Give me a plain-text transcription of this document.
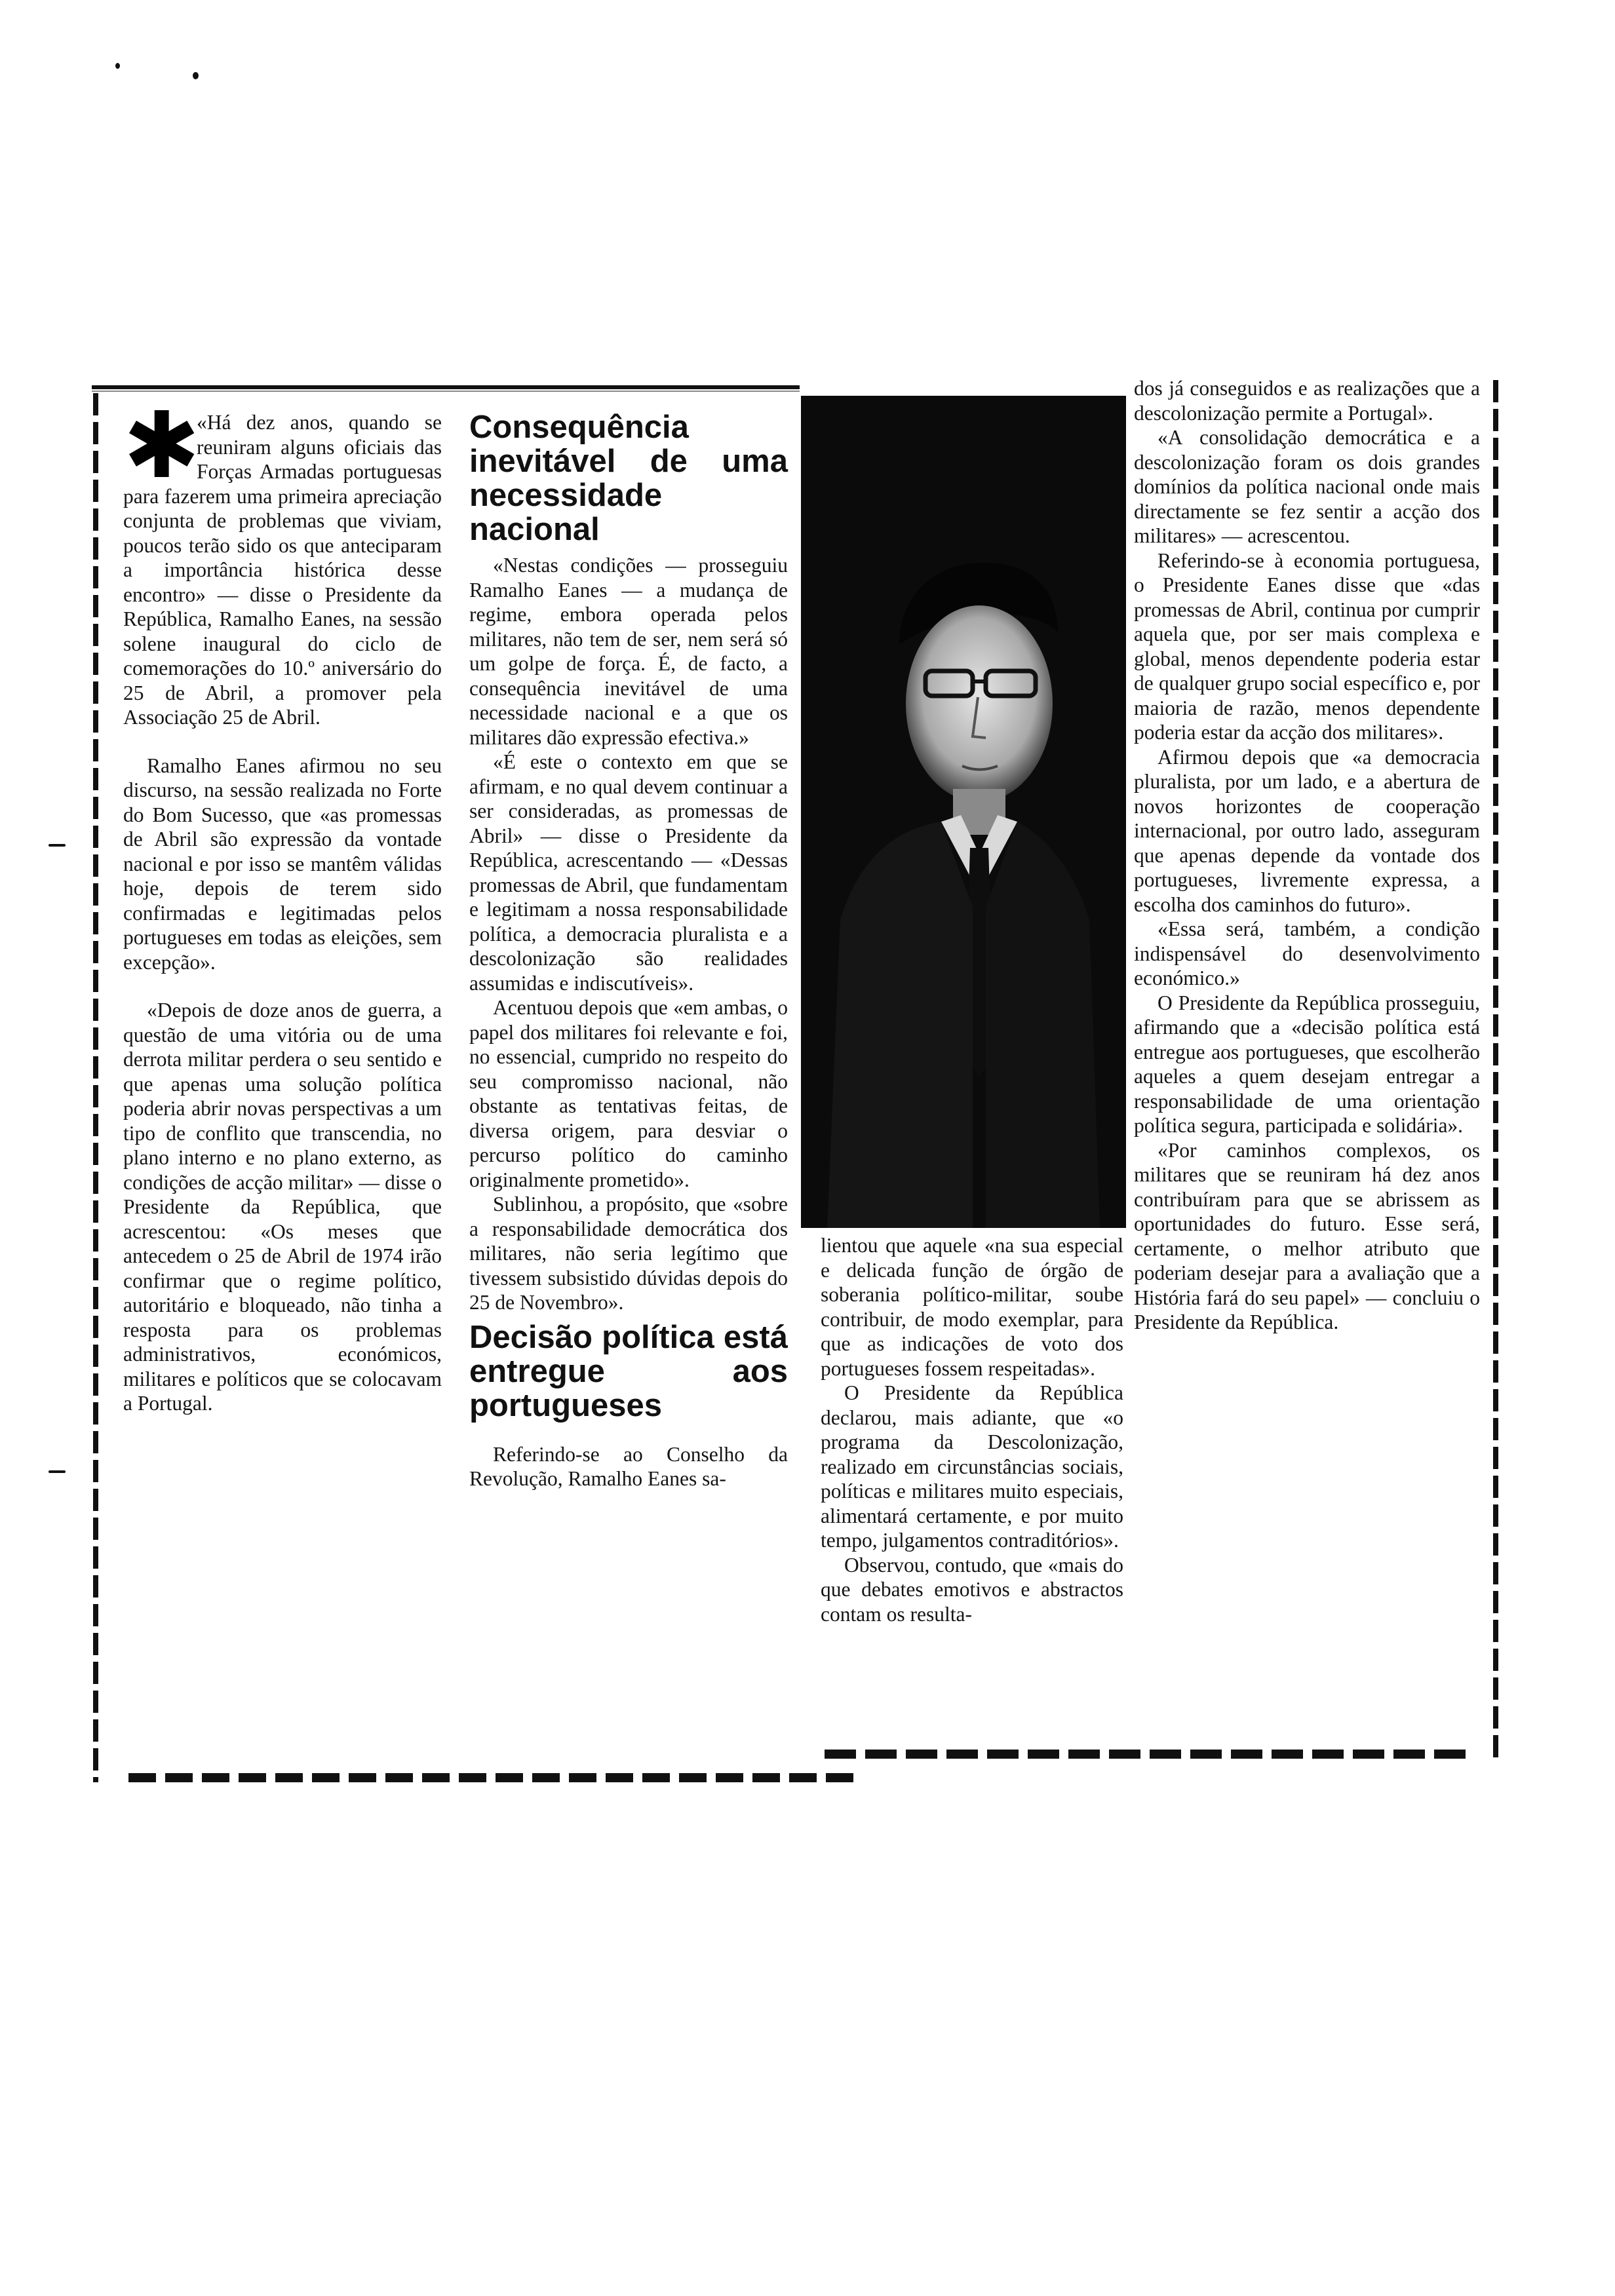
✱

«Há dez anos, quando se reuniram alguns oficiais das Forças Armadas portuguesas para fazerem uma primeira apreciação conjunta de problemas que viviam, poucos terão sido os que anteciparam a importância histórica desse encontro» — disse o Presidente da República, Ramalho Eanes, na sessão solene inaugural do ciclo de comemorações do 10.º aniversário do 25 de Abril, a promover pela Associação 25 de Abril.

Ramalho Eanes afirmou no seu discurso, na sessão realizada no Forte do Bom Sucesso, que «as promessas de Abril são expressão da vontade nacional e por isso se mantêm válidas hoje, depois de terem sido confirmadas e legitimadas pelos portugueses em todas as eleições, sem excepção».

«Depois de doze anos de guerra, a questão de uma vitória ou de uma derrota militar perdera o seu sentido e que apenas uma solução política poderia abrir novas perspectivas a um tipo de conflito que transcendia, no plano interno e no plano externo, as condições de acção militar» — disse o Presidente da República, que acrescentou: «Os meses que antecedem o 25 de Abril de 1974 irão confirmar que o regime político, autoritário e bloqueado, não tinha a resposta para os problemas administrativos, económicos, militares e políticos que se colocavam a Portugal.

Consequência inevitável de uma necessidade nacional

«Nestas condições — prosseguiu Ramalho Eanes — a mudança de regime, embora operada pelos militares, não tem de ser, nem será só um golpe de força. É, de facto, a consequência inevitável de uma necessidade nacional e a que os militares dão expressão efectiva.»

«É este o contexto em que se afirmam, e no qual devem continuar a ser consideradas, as promessas de Abril» — disse o Presidente da República, acrescentando — «Dessas promessas de Abril, que fundamentam e legitimam a nossa responsabilidade política, a democracia pluralista e a descolonização são realidades assumidas e indiscutíveis».

Acentuou depois que «em ambas, o papel dos militares foi relevante e foi, no essencial, cumprido no respeito do seu compromisso nacional, não obstante as tentativas feitas, de diversa origem, para desviar o percurso político do caminho originalmente prometido».

Sublinhou, a propósito, que «sobre a responsabilidade democrática dos militares, não seria legítimo que tivessem subsistido dúvidas depois do 25 de Novembro».

Decisão política está entregue aos portugueses

Referindo-se ao Conselho da Revolução, Ramalho Eanes sa-

dos já conseguidos e as realizações que a descolonização permite a Portugal».

«A consolidação democrática e a descolonização foram os dois grandes domínios da política nacional onde mais directamente se fez sentir a acção dos militares» — acrescentou.

Referindo-se à economia portuguesa, o Presidente Eanes disse que «das promessas de Abril, continua por cumprir aquela que, por ser mais complexa e global, menos dependente poderia estar de qualquer grupo social específico e, por maioria de razão, menos dependente poderia estar da acção dos militares».

Afirmou depois que «a democracia pluralista, por um lado, e a abertura de novos horizontes de cooperação internacional, por outro lado, asseguram que apenas depende da vontade dos portugueses, livremente expressa, a escolha dos caminhos do futuro».

«Essa será, também, a condição indispensável do desenvolvimento económico.»

O Presidente da República prosseguiu, afirmando que a «decisão política está entregue aos portugueses, que escolherão aqueles a quem desejam entregar a responsabilidade de uma orientação política segura, participada e solidária».

«Por caminhos complexos, os militares que se reuniram há dez anos contribuíram para que se abrissem as oportunidades do futuro. Esse será, certamente, o melhor atributo que poderiam desejar para a avaliação que a História fará do seu papel» — concluiu o Presidente da República.

lientou que aquele «na sua especial e delicada função de órgão de soberania político-militar, soube contribuir, de modo exemplar, para que as indicações de voto dos portugueses fossem respeitadas».

O Presidente da República declarou, mais adiante, que «o programa da Descolonização, realizado em circunstâncias sociais, políticas e militares muito especiais, alimentará certamente, e por muito tempo, julgamentos contraditórios».

Observou, contudo, que «mais do que debates emotivos e abstractos contam os resulta-
